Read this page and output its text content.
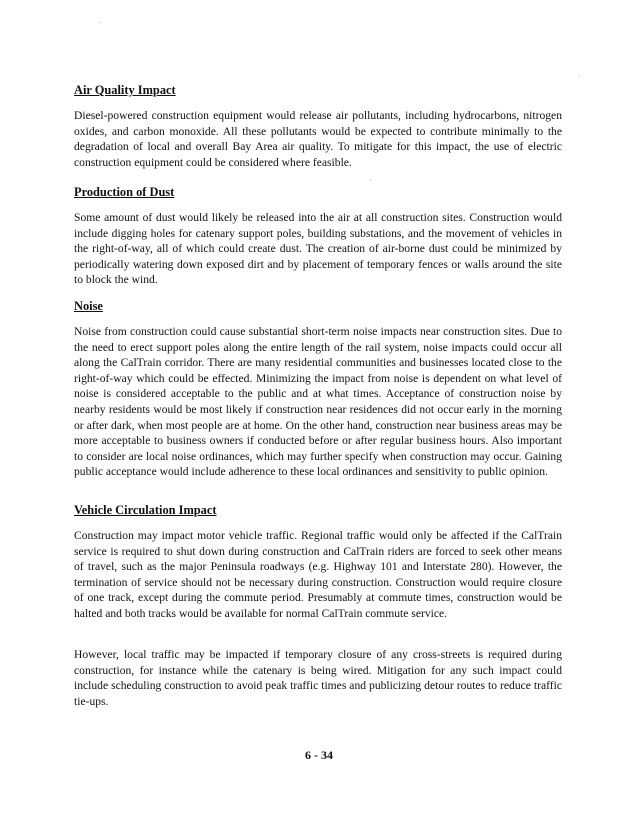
Air Quality Impact

Diesel-powered construction equipment would release air pollutants, including hydrocarbons, nitrogen oxides, and carbon monoxide. All these pollutants would be expected to contribute minimally to the degradation of local and overall Bay Area air quality. To mitigate for this impact, the use of electric construction equipment could be considered where feasible.

Production of Dust

Some amount of dust would likely be released into the air at all construction sites. Construction would include digging holes for catenary support poles, building substations, and the movement of vehicles in the right-of-way, all of which could create dust. The creation of air-borne dust could be minimized by periodically watering down exposed dirt and by placement of temporary fences or walls around the site to block the wind.

Noise

Noise from construction could cause substantial short-term noise impacts near construction sites. Due to the need to erect support poles along the entire length of the rail system, noise impacts could occur all along the CalTrain corridor. There are many residential communities and businesses located close to the right-of-way which could be effected. Minimizing the impact from noise is dependent on what level of noise is considered acceptable to the public and at what times. Acceptance of construction noise by nearby residents would be most likely if construction near residences did not occur early in the morning or after dark, when most people are at home. On the other hand, construction near business areas may be more acceptable to business owners if conducted before or after regular business hours. Also important to consider are local noise ordinances, which may further specify when construction may occur. Gaining public acceptance would include adherence to these local ordinances and sensitivity to public opinion.

Vehicle Circulation Impact

Construction may impact motor vehicle traffic. Regional traffic would only be affected if the CalTrain service is required to shut down during construction and CalTrain riders are forced to seek other means of travel, such as the major Peninsula roadways (e.g. Highway 101 and Interstate 280). However, the termination of service should not be necessary during construction. Construction would require closure of one track, except during the commute period. Presumably at commute times, construction would be halted and both tracks would be available for normal CalTrain commute service.

However, local traffic may be impacted if temporary closure of any cross-streets is required during construction, for instance while the catenary is being wired. Mitigation for any such impact could include scheduling construction to avoid peak traffic times and publicizing detour routes to reduce traffic tie-ups.

6 - 34
